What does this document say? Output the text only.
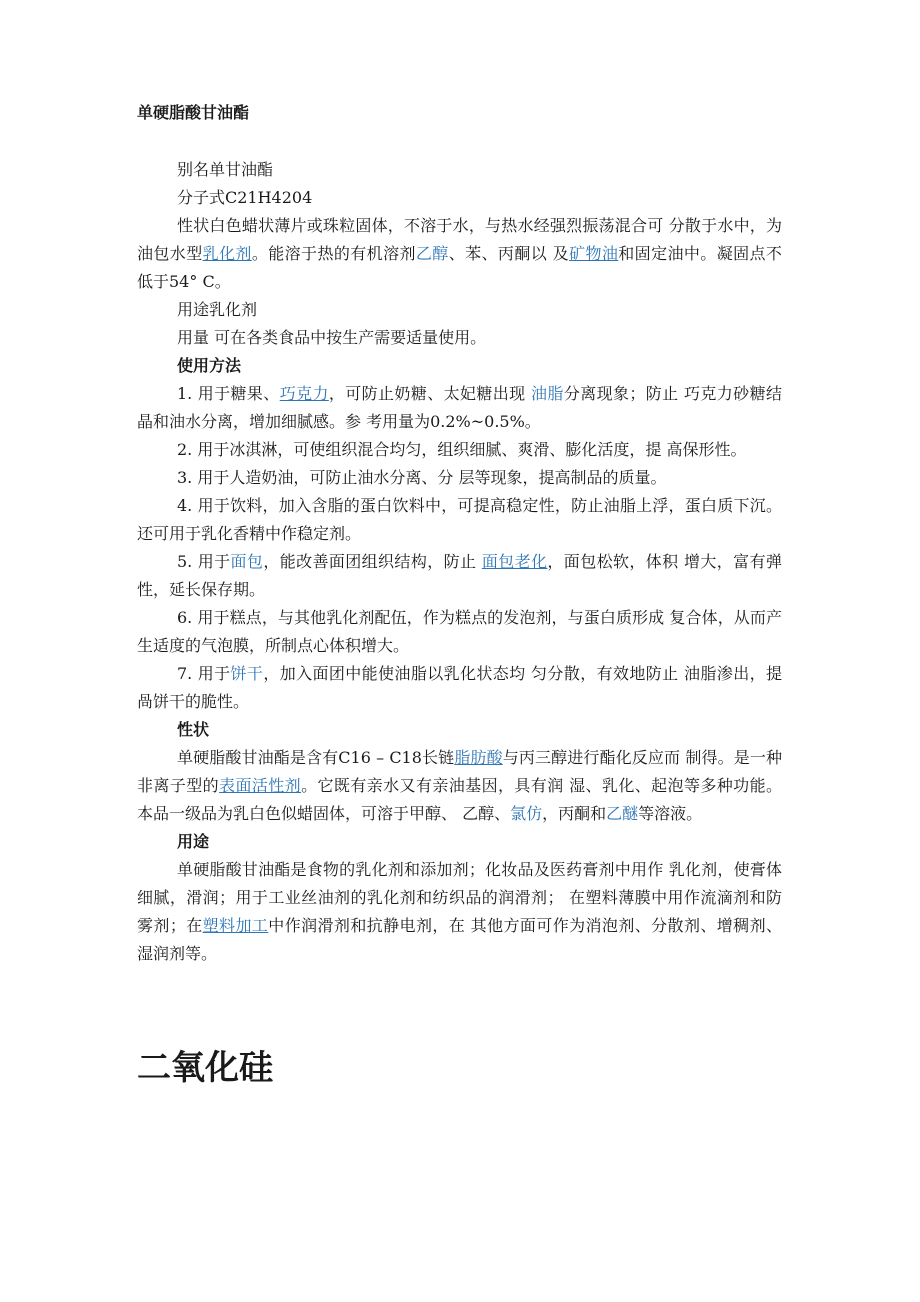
单硬脂酸甘油酯

别名单甘油酯

分子式C21H4204

性状白色蜡状薄片或珠粒固体，不溶于水，与热水经强烈振荡混合可 分散于水中，为油包水型乳化剂。能溶于热的有机溶剂乙醇、苯、丙酮以 及矿物油和固定油中。凝固点不低于54° C。

用途乳化剂

用量 可在各类食品中按生产需要适量使用。

使用方法

1. 用于糖果、巧克力，可防止奶糖、太妃糖出现 油脂分离现象；防止 巧克力砂糖结晶和油水分离，增加细腻感。参 考用量为0.2%~0.5%。

2. 用于冰淇淋，可使组织混合均匀，组织细腻、爽滑、膨化活度，提 高保形性。

3. 用于人造奶油，可防止油水分离、分 层等现象，提高制品的质量。

4. 用于饮料，加入含脂的蛋白饮料中，可提高稳定性，防止油脂上浮，蛋白质下沉。还可用于乳化香精中作稳定剂。

5. 用于面包，能改善面团组织结构，防止 面包老化，面包松软，体积 增大，富有弹性，延长保存期。

6. 用于糕点，与其他乳化剂配伍，作为糕点的发泡剂，与蛋白质形成 复合体，从而产生适度的气泡膜，所制点心体积增大。

7. 用于饼干，加入面团中能使油脂以乳化状态均 匀分散，有效地防止 油脂渗出，提咼饼干的脆性。

性状

单硬脂酸甘油酯是含有C16 – C18长链脂肪酸与丙三醇进行酯化反应而 制得。是一种非离子型的表面活性剂。它既有亲水又有亲油基因，具有润 湿、乳化、起泡等多种功能。本品一级品为乳白色似蜡固体，可溶于甲醇、 乙醇、氯仿，丙酮和乙醚等溶液。

用途

单硬脂酸甘油酯是食物的乳化剂和添加剂；化妆品及医药膏剂中用作 乳化剂，使膏体细腻，滑润；用于工业丝油剂的乳化剂和纺织品的润滑剂； 在塑料薄膜中用作流滴剂和防雾剂；在塑料加工中作润滑剂和抗静电剂，在 其他方面可作为消泡剂、分散剂、增稠剂、湿润剂等。

二氧化硅
